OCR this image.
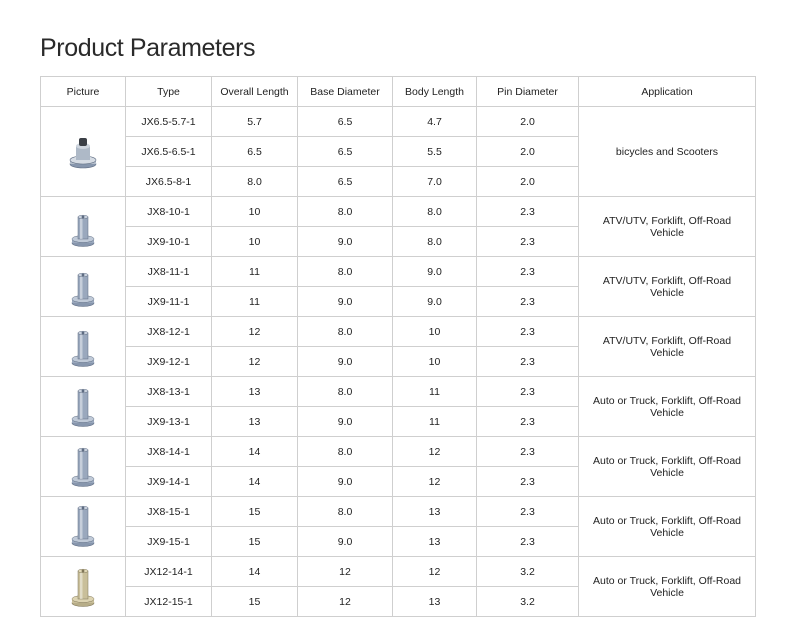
Product Parameters
Picture	Type	Overall Length	Base Diameter	Body Length	Pin Diameter	Application

	JX6.5-5.7-1	5.7	6.5	4.7	2.0	bicycles and Scooters
	JX6.5-6.5-1	6.5	6.5	5.5	2.0	
	JX6.5-8-1	8.0	6.5	7.0	2.0	

	JX8-10-1	10	8.0	8.0	2.3	ATV/UTV, Forklift, Off-Road Vehicle
	JX9-10-1	10	9.0	8.0	2.3	

	JX8-11-1	11	8.0	9.0	2.3	ATV/UTV, Forklift, Off-Road Vehicle
	JX9-11-1	11	9.0	9.0	2.3	

	JX8-12-1	12	8.0	10	2.3	ATV/UTV, Forklift, Off-Road Vehicle
	JX9-12-1	12	9.0	10	2.3	

	JX8-13-1	13	8.0	11	2.3	Auto or Truck, Forklift, Off-Road Vehicle
	JX9-13-1	13	9.0	11	2.3	

	JX8-14-1	14	8.0	12	2.3	Auto or Truck, Forklift, Off-Road Vehicle
	JX9-14-1	14	9.0	12	2.3	

	JX8-15-1	15	8.0	13	2.3	Auto or Truck, Forklift, Off-Road Vehicle
	JX9-15-1	15	9.0	13	2.3	

	JX12-14-1	14	12	12	3.2	Auto or Truck, Forklift, Off-Road Vehicle
	JX12-15-1	15	12	13	3.2	
